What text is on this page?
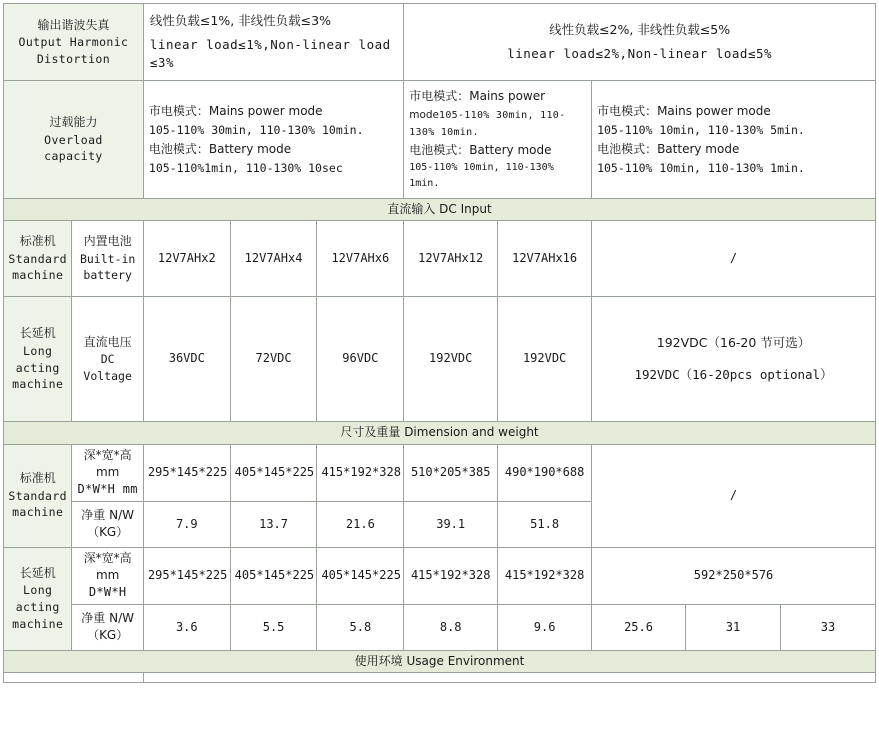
输出谐波失真
Output Harmonic
Distortion		线性负载≤1%, 非线性负载≤3%
linear load≤1%,Non-linear load
≤3%			线性负载≤2%, 非线性负载≤5%
linear load≤2%,Non-linear load≤5%				

过载能力
Overload
capacity		市电模式：Mains power mode
105-110% 30min, 110-130% 10min.
电池模式：Battery mode
105-110%1min, 110-130% 10sec			市电模式：Mains power
mode105-110% 30min, 110-130% 10min.
电池模式：Battery mode
105-110% 10min, 110-130% 1min.		市电模式：Mains power mode
105-110% 10min, 110-130% 5min.
电池模式：Battery mode
105-110% 10min, 110-130% 1min.		

直流输入 DC Input									

标准机
Standard
machine	内置电池
Built-in
battery	12V7AHx2	12V7AHx4	12V7AHx6	12V7AHx12	12V7AHx16	/		

长延机
Long
acting
machine	直流电压
DC Voltage	36VDC	72VDC	96VDC	192VDC	192VDC	192VDC（16-20 节可选）
192VDC（16-20pcs optional）		

尺寸及重量 Dimension and weight									

标准机
Standard
machine	深*宽*高 mm
D*W*H mm	295*145*225	405*145*225	415*192*328	510*205*385	490*190*688	/		
	净重 N/W
（KG）	7.9	13.7	21.6	39.1	51.8			

长延机
Long
acting
machine	深*宽*高 mm
D*W*H	295*145*225	405*145*225	405*145*225	415*192*328	415*192*328	592*250*576		
	净重 N/W
（KG）	3.6	5.5	5.8	8.8	9.6	25.6	31	33
使用环境 Usage Environment									
